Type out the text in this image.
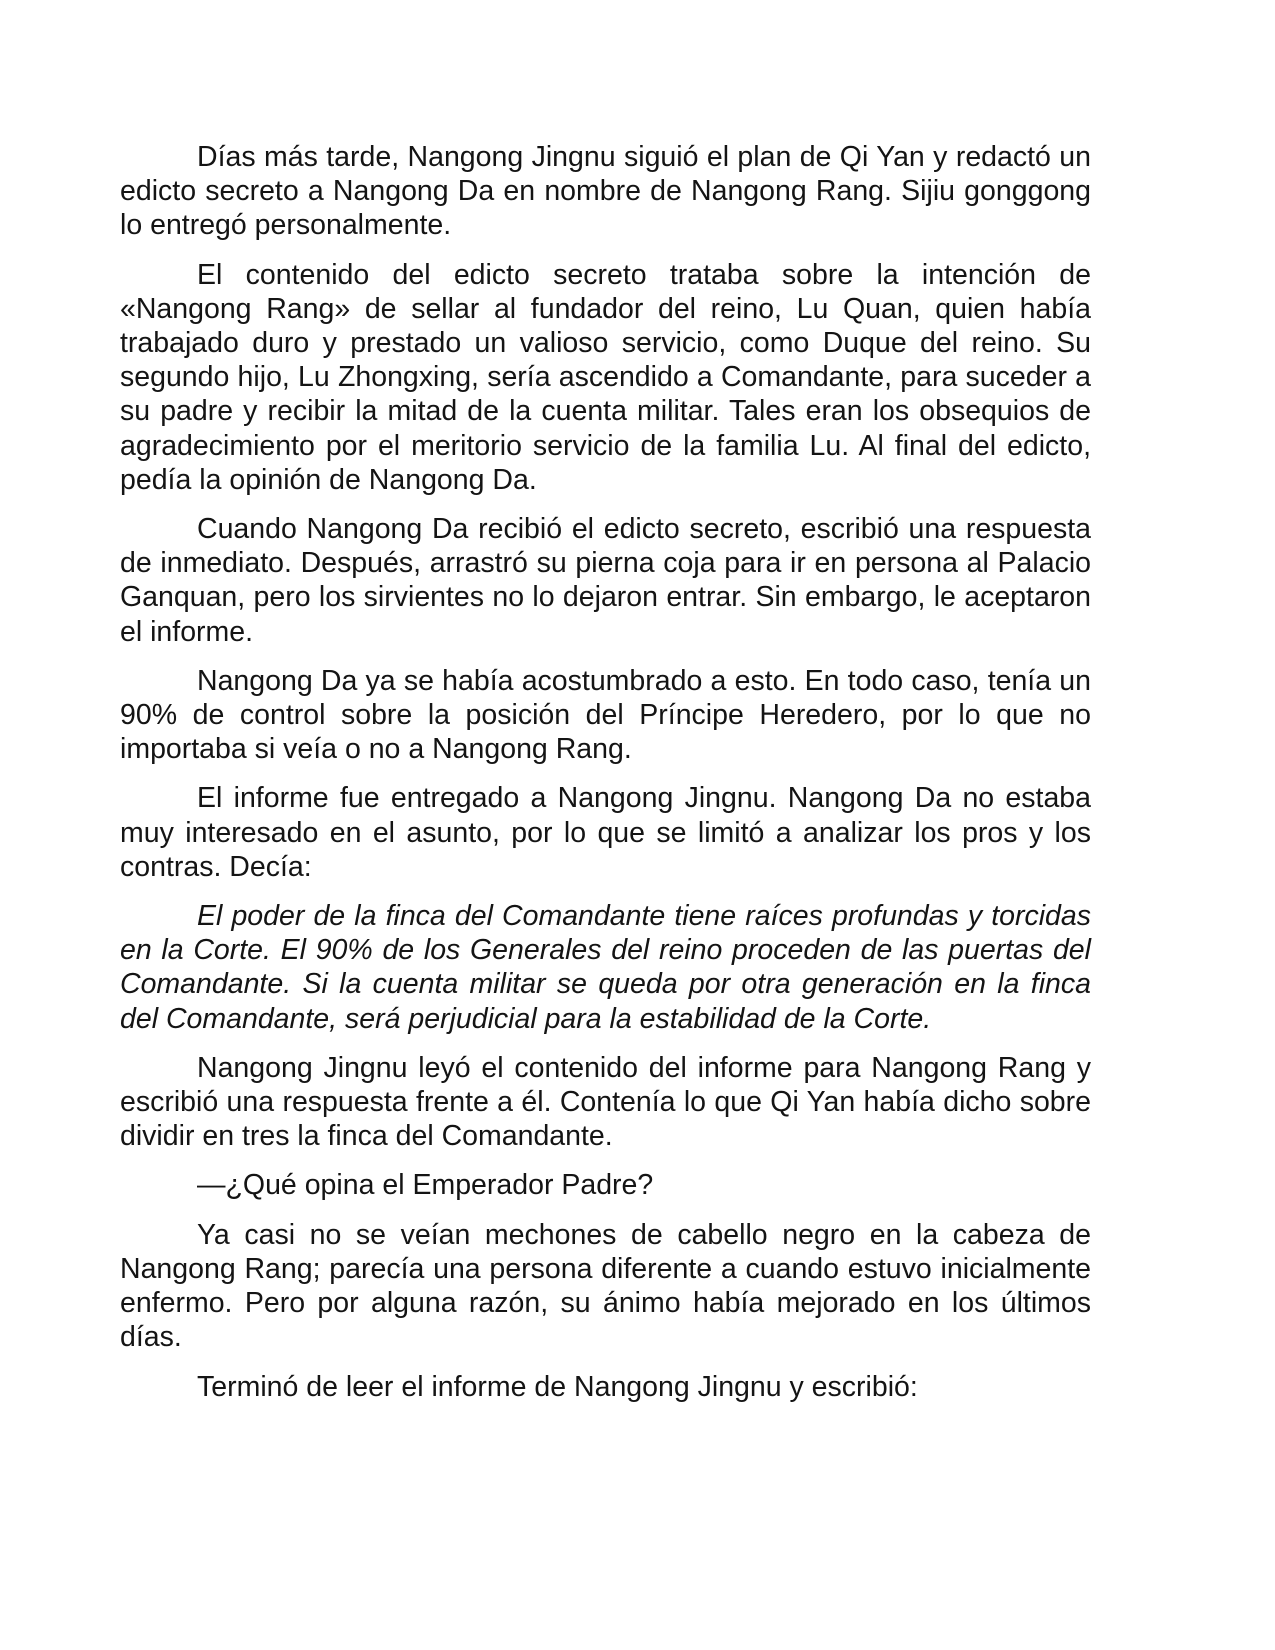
Días más tarde, Nangong Jingnu siguió el plan de Qi Yan y redactó un edicto secreto a Nangong Da en nombre de Nangong Rang. Sijiu gonggong lo entregó personalmente.

El contenido del edicto secreto trataba sobre la intención de «Nangong Rang» de sellar al fundador del reino, Lu Quan, quien había trabajado duro y prestado un valioso servicio, como Duque del reino. Su segundo hijo, Lu Zhongxing, sería ascendido a Comandante, para suceder a su padre y recibir la mitad de la cuenta militar. Tales eran los obsequios de agradecimiento por el meritorio servicio de la familia Lu. Al final del edicto, pedía la opinión de Nangong Da.

Cuando Nangong Da recibió el edicto secreto, escribió una respuesta de inmediato. Después, arrastró su pierna coja para ir en persona al Palacio Ganquan, pero los sirvientes no lo dejaron entrar. Sin embargo, le aceptaron el informe.

Nangong Da ya se había acostumbrado a esto. En todo caso, tenía un 90% de control sobre la posición del Príncipe Heredero, por lo que no importaba si veía o no a Nangong Rang.

El informe fue entregado a Nangong Jingnu. Nangong Da no estaba muy interesado en el asunto, por lo que se limitó a analizar los pros y los contras. Decía:

El poder de la finca del Comandante tiene raíces profundas y torcidas en la Corte. El 90% de los Generales del reino proceden de las puertas del Comandante. Si la cuenta militar se queda por otra generación en la finca del Comandante, será perjudicial para la estabilidad de la Corte.

Nangong Jingnu leyó el contenido del informe para Nangong Rang y escribió una respuesta frente a él. Contenía lo que Qi Yan había dicho sobre dividir en tres la finca del Comandante.

—¿Qué opina el Emperador Padre?

Ya casi no se veían mechones de cabello negro en la cabeza de Nangong Rang; parecía una persona diferente a cuando estuvo inicialmente enfermo. Pero por alguna razón, su ánimo había mejorado en los últimos días.

Terminó de leer el informe de Nangong Jingnu y escribió:
